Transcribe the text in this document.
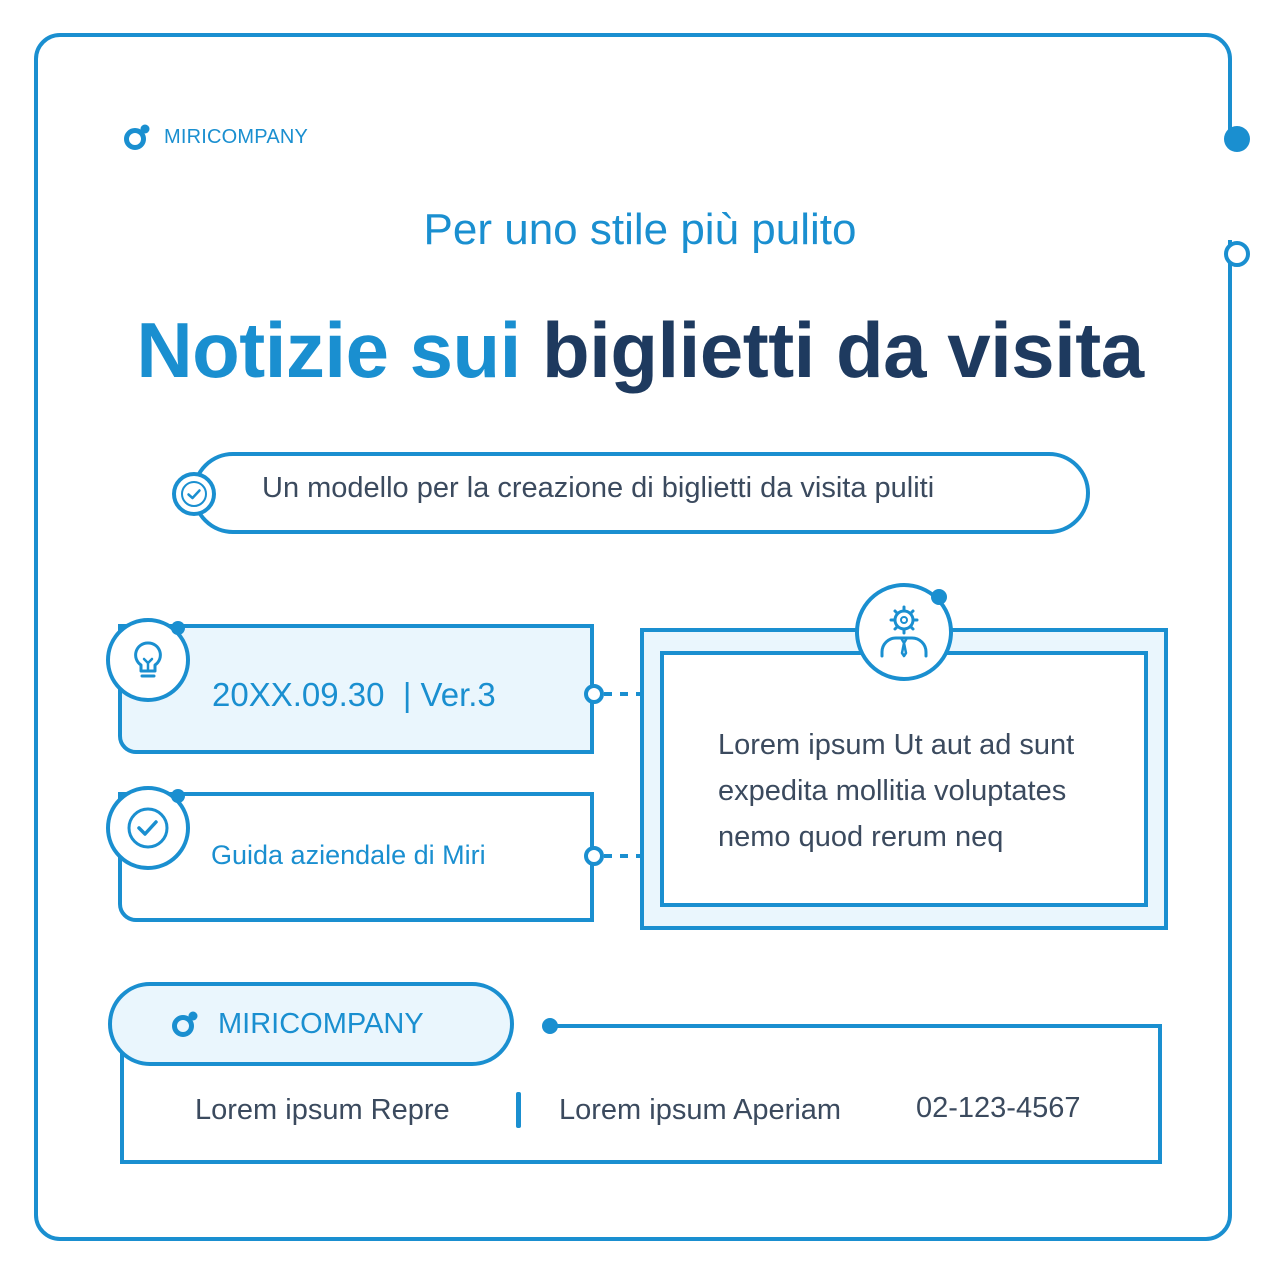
MIRICOMPANY
Per uno stile più pulito
Notizie sui biglietti da visita
Un modello per la creazione di biglietti da visita puliti
20XX.09.30  | Ver.3
Guida aziendale di Miri
Lorem ipsum Ut aut ad sunt expedita mollitia voluptates nemo quod rerum neq
MIRICOMPANY
Lorem ipsum Repre	Lorem ipsum Aperiam	02-123-4567
